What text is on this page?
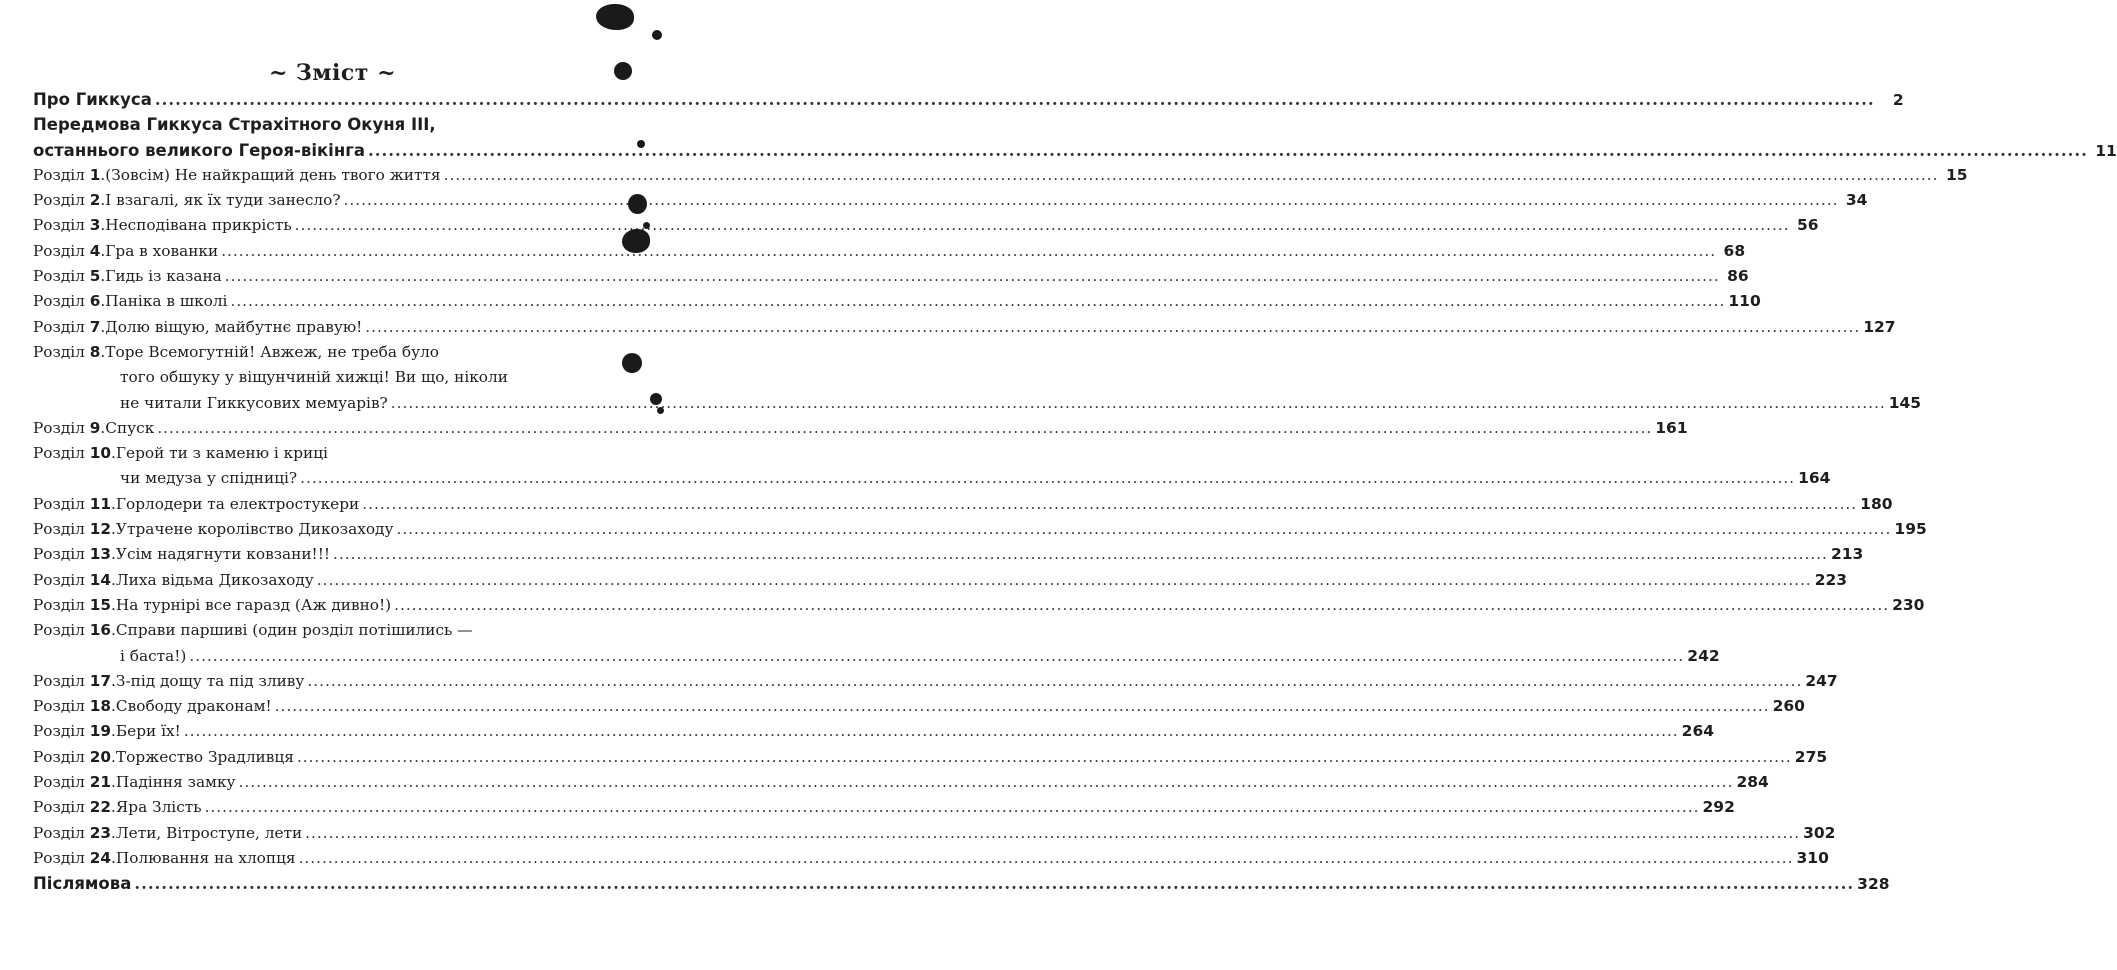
~ Зміст ~
Про Гиккуса .....	2
Передмова Гиккуса Страхітного Окуня III,
останнього великого Героя-вікінга .....	11
Розділ 1. (Зовсім) Не найкращий день твого життя .....	15
Розділ 2. І взагалі, як їх туди занесло? .....	34
Розділ 3. Несподівана прикрість .....	56
Розділ 4. Гра в хованки .....	68
Розділ 5. Гидь із казана .....	86
Розділ 6. Паніка в школі .....	110
Розділ 7. Долю віщую, майбутнє правую! .....	127
Розділ 8. Торе Всемогутній! Авжеж, не треба було
того обшуку у віщунчиній хижці! Ви що, ніколи
не читали Гиккусових мемуарів? .....	145
Розділ 9. Спуск .....	161
Розділ 10. Герой ти з каменю і криці
чи медуза у спідниці? .....	164
Розділ 11. Горлодери та електростукери .....	180
Розділ 12. Утрачене королівство Дикозаходу .....	195
Розділ 13. Усім надягнути ковзани!!! .....	213
Розділ 14. Лиха відьма Дикозаходу .....	223
Розділ 15. На турнірі все гаразд (Аж дивно!) .....	230
Розділ 16. Справи паршиві (один розділ потішились —
і баста!) .....	242
Розділ 17. З-під дощу та під зливу .....	247
Розділ 18. Свободу драконам! .....	260
Розділ 19. Бери їх! .....	264
Розділ 20. Торжество Зрадливця .....	275
Розділ 21. Падіння замку .....	284
Розділ 22. Яра Злість .....	292
Розділ 23. Лети, Вітроступе, лети .....	302
Розділ 24. Полювання на хлопця .....	310
Післямова .....	328
